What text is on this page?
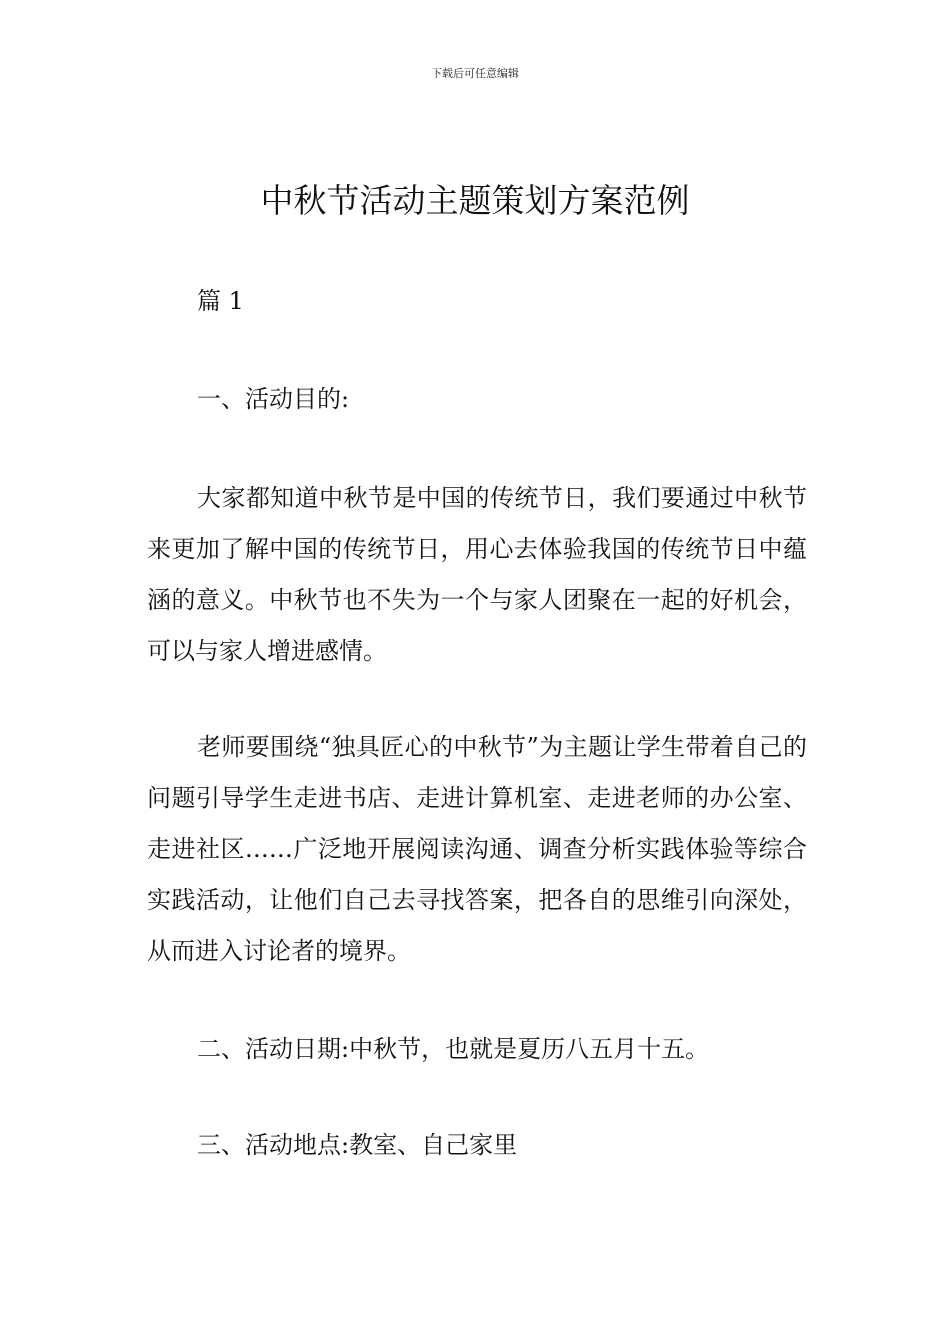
下载后可任意编辑
中秋节活动主题策划方案范例
篇 1
一、活动目的:

大家都知道中秋节是中国的传统节日，我们要通过中秋节来更加了解中国的传统节日，用心去体验我国的传统节日中蕴涵的意义。中秋节也不失为一个与家人团聚在一起的好机会，可以与家人增进感情。

老师要围绕“独具匠心的中秋节”为主题让学生带着自己的问题引导学生走进书店、走进计算机室、走进老师的办公室、走进社区……广泛地开展阅读沟通、调查分析实践体验等综合实践活动，让他们自己去寻找答案，把各自的思维引向深处，从而进入讨论者的境界。

二、活动日期:中秋节，也就是夏历八五月十五。
三、活动地点:教室、自己家里
